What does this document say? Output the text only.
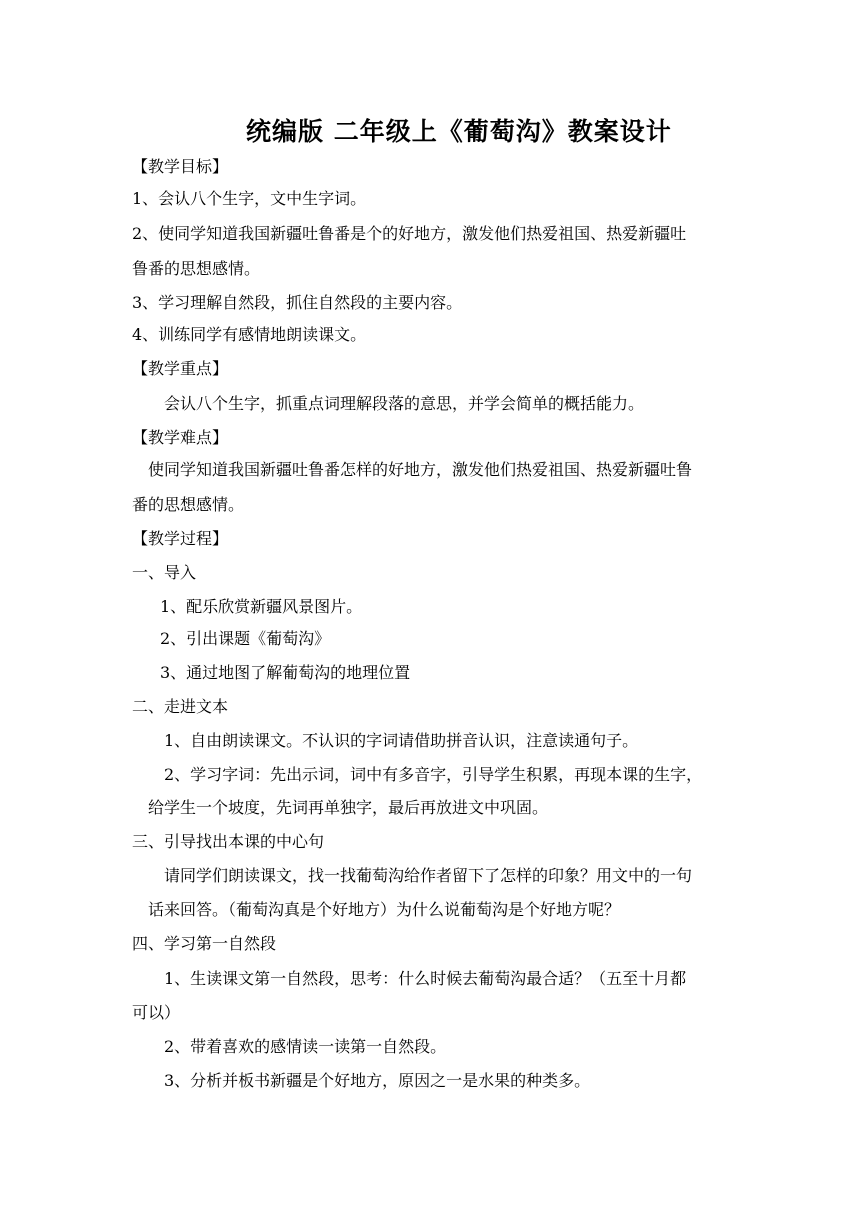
统编版 二年级上《葡萄沟》教案设计
【教学目标】
1、会认八个生字，文中生字词。
2、使同学知道我国新疆吐鲁番是个的好地方，激发他们热爱祖国、热爱新疆吐
鲁番的思想感情。
3、学习理解自然段，抓住自然段的主要内容。
4、训练同学有感情地朗读课文。
【教学重点】
会认八个生字，抓重点词理解段落的意思，并学会简单的概括能力。
【教学难点】
使同学知道我国新疆吐鲁番怎样的好地方，激发他们热爱祖国、热爱新疆吐鲁
番的思想感情。
【教学过程】
一、导入
1、配乐欣赏新疆风景图片。
2、引出课题《葡萄沟》
3、通过地图了解葡萄沟的地理位置
二、走进文本
1、自由朗读课文。不认识的字词请借助拼音认识，注意读通句子。
2、学习字词：先出示词，词中有多音字，引导学生积累，再现本课的生字，
给学生一个坡度，先词再单独字，最后再放进文中巩固。
三、引导找出本课的中心句
请同学们朗读课文，找一找葡萄沟给作者留下了怎样的印象？用文中的一句
话来回答。（葡萄沟真是个好地方）为什么说葡萄沟是个好地方呢？
四、学习第一自然段
1、生读课文第一自然段，思考：什么时候去葡萄沟最合适？（五至十月都
可以）
2、带着喜欢的感情读一读第一自然段。
3、分析并板书新疆是个好地方，原因之一是水果的种类多。
